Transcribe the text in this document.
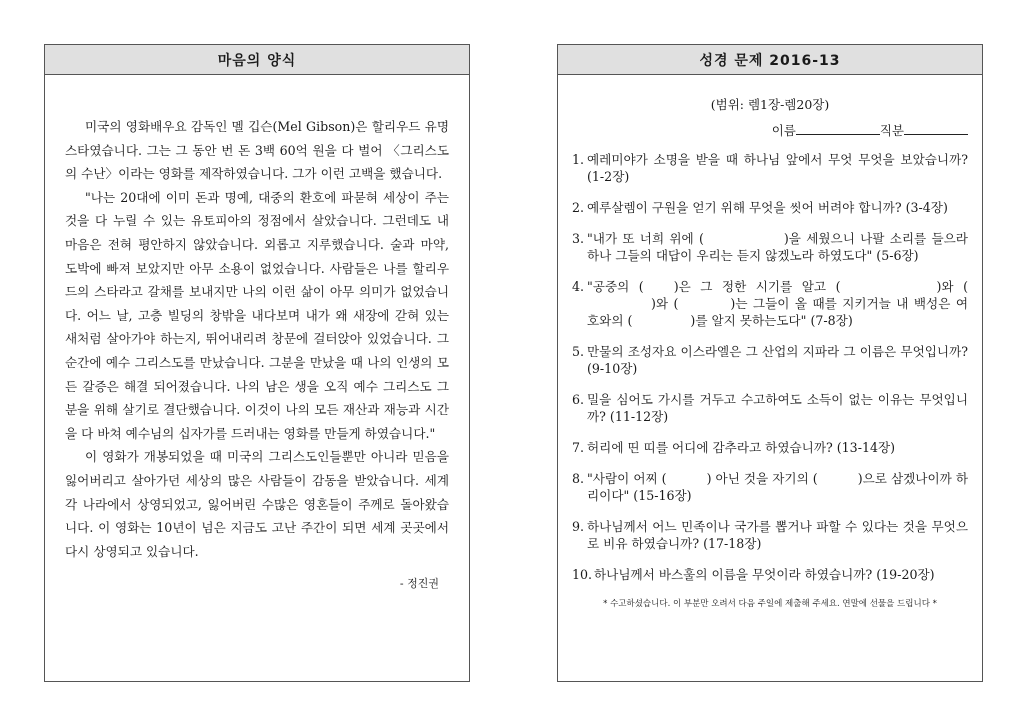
마음의 양식

미국의 영화배우요 감독인 멜 깁슨(Mel Gibson)은 할리우드 유명 스타였습니다. 그는 그 동안 번 돈 3백 60억 원을 다 벌어 〈그리스도의 수난〉이라는 영화를 제작하였습니다. 그가 이런 고백을 했습니다.

"나는 20대에 이미 돈과 명예, 대중의 환호에 파묻혀 세상이 주는 것을 다 누릴 수 있는 유토피아의 정점에서 살았습니다. 그런데도 내 마음은 전혀 평안하지 않았습니다. 외롭고 지루했습니다. 술과 마약, 도박에 빠져 보았지만 아무 소용이 없었습니다. 사람들은 나를 할리우드의 스타라고 갈채를 보내지만 나의 이런 삶이 아무 의미가 없었습니다. 어느 날, 고층 빌딩의 창밖을 내다보며 내가 왜 새장에 갇혀 있는 새처럼 살아가야 하는지, 뛰어내리려 창문에 걸터앉아 있었습니다. 그 순간에 예수 그리스도를 만났습니다. 그분을 만났을 때 나의 인생의 모든 갈증은 해결 되어졌습니다. 나의 남은 생을 오직 예수 그리스도 그분을 위해 살기로 결단했습니다. 이것이 나의 모든 재산과 재능과 시간을 다 바쳐 예수님의 십자가를 드러내는 영화를 만들게 하였습니다."

이 영화가 개봉되었을 때 미국의 그리스도인들뿐만 아니라 믿음을 잃어버리고 살아가던 세상의 많은 사람들이 감동을 받았습니다. 세계 각 나라에서 상영되었고, 잃어버린 수많은 영혼들이 주께로 돌아왔습니다. 이 영화는 10년이 넘은 지금도 고난 주간이 되면 세계 곳곳에서 다시 상영되고 있습니다.

- 정진권
성경 문제 2016-13
(범위: 렘1장-렘20장)
이름	직분
1. 예레미야가 소명을 받을 때 하나님 앞에서 무엇 무엇을 보았습니까? (1-2장)
2. 예루살렘이 구원을 얻기 위해 무엇을 씻어 버려야 합니까? (3-4장)
3. "내가 또 너희 위에 (	)을 세웠으니 나팔 소리를 들으라 하나 그들의 대답이 우리는 듣지 않겠노라 하였도다" (5-6장)
4. "공중의 ( )은 그 정한 시기를 알고 (	)와 ()와 (	)는 그들이 올 때를 지키거늘 내 백성은 여호와의 (	)를 알지 못하는도다" (7-8장)
5. 만물의 조성자요 이스라엘은 그 산업의 지파라 그 이름은 무엇입니까? (9-10장)
6. 밀을 심어도 가시를 거두고 수고하여도 소득이 없는 이유는 무엇입니까? (11-12장)
7. 허리에 띤 띠를 어디에 감추라고 하였습니까? (13-14장)
8. "사람이 어찌 (	) 아닌 것을 자기의 (	)으로 삼겠나이까 하리이다" (15-16장)
9. 하나님께서 어느 민족이나 국가를 뽑거나 파할 수 있다는 것을 무엇으로 비유 하였습니까? (17-18장)
10. 하나님께서 바스훌의 이름을 무엇이라 하였습니까? (19-20장)
* 수고하셨습니다. 이 부분만 오려서 다음 주일에 제출해 주세요. 연말에 선물을 드립니다 *
